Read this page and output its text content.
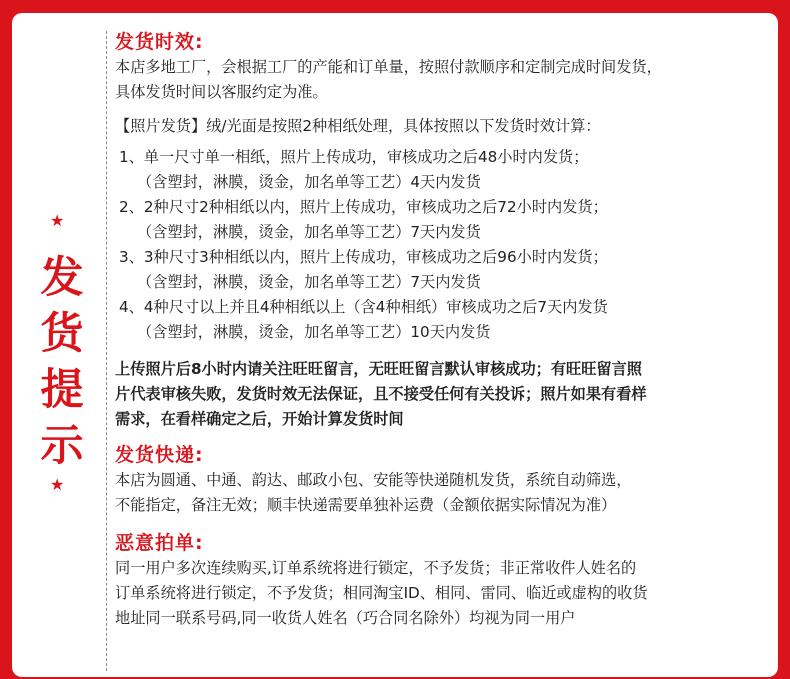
★
发
货
提
示
★
发货时效:
本店多地工厂，会根据工厂的产能和订单量，按照付款顺序和定制完成时间发货，
具体发货时间以客服约定为准。
【照片发货】绒/光面是按照2种相纸处理，具体按照以下发货时效计算：
1、单一尺寸单一相纸，照片上传成功，审核成功之后48小时内发货；
（含塑封，淋膜，烫金，加名单等工艺）4天内发货
2、2种尺寸2种相纸以内，照片上传成功，审核成功之后72小时内发货；
（含塑封，淋膜，烫金，加名单等工艺）7天内发货
3、3种尺寸3种相纸以内，照片上传成功，审核成功之后96小时内发货；
（含塑封，淋膜，烫金，加名单等工艺）7天内发货
4、4种尺寸以上并且4种相纸以上（含4种相纸）审核成功之后7天内发货
（含塑封，淋膜，烫金，加名单等工艺）10天内发货
上传照片后8小时内请关注旺旺留言，无旺旺留言默认审核成功；有旺旺留言照
片代表审核失败，发货时效无法保证，且不接受任何有关投诉；照片如果有看样
需求，在看样确定之后，开始计算发货时间
发货快递:
本店为圆通、中通、韵达、邮政小包、安能等快递随机发货，系统自动筛选，
不能指定，备注无效；顺丰快递需要单独补运费（金额依据实际情况为准）
恶意拍单:
同一用户多次连续购买,订单系统将进行锁定，不予发货；非正常收件人姓名的
订单系统将进行锁定，不予发货；相同淘宝ID、相同、雷同、临近或虚构的收货
地址同一联系号码,同一收货人姓名（巧合同名除外）均视为同一用户
